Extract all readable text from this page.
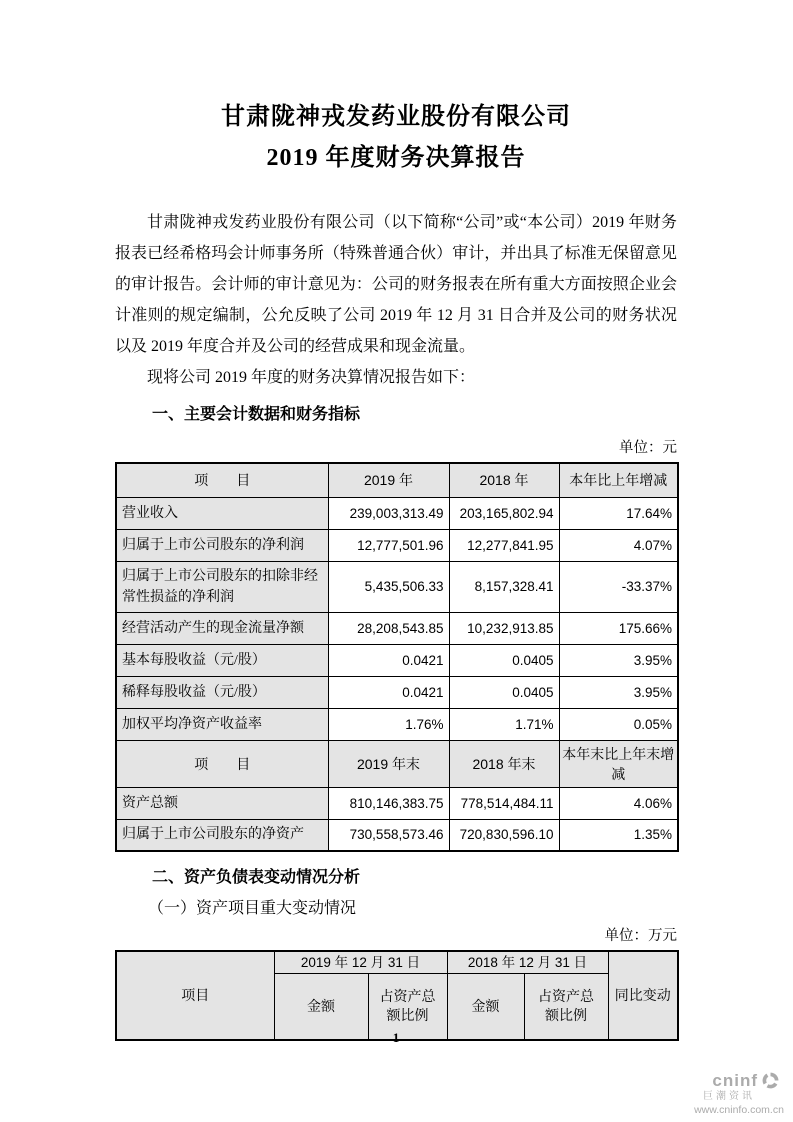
甘肃陇神戎发药业股份有限公司
2019 年度财务决算报告

甘肃陇神戎发药业股份有限公司（以下简称“公司”或“本公司）2019 年财务报表已经希格玛会计师事务所（特殊普通合伙）审计，并出具了标准无保留意见的审计报告。会计师的审计意见为：公司的财务报表在所有重大方面按照企业会计准则的规定编制，公允反映了公司 2019 年 12 月 31 日合并及公司的财务状况以及 2019 年度合并及公司的经营成果和现金流量。

现将公司 2019 年度的财务决算情况报告如下：

一、主要会计数据和财务指标
单位：元
项　　目	2019 年	2018 年	本年比上年增减
营业收入	239,003,313.49	203,165,802.94	17.64%
归属于上市公司股东的净利润	12,777,501.96	12,277,841.95	4.07%
归属于上市公司股东的扣除非经常性损益的净利润	5,435,506.33	8,157,328.41	-33.37%
经营活动产生的现金流量净额	28,208,543.85	10,232,913.85	175.66%
基本每股收益（元/股）	0.0421	0.0405	3.95%
稀释每股收益（元/股）	0.0421	0.0405	3.95%
加权平均净资产收益率	1.76%	1.71%	0.05%
项　　目	2019 年末	2018 年末	本年末比上年末增减
资产总额	810,146,383.75	778,514,484.11	4.06%
归属于上市公司股东的净资产	730,558,573.46	720,830,596.10	1.35%
二、资产负债表变动情况分析
（一）资产项目重大变动情况
单位：万元
项目	2019 年 12 月 31 日		2018 年 12 月 31 日		同比变动
	金额	占资产总额比例	金额	占资产总额比例	
1
cninf
巨潮资讯
www.cninfo.com.cn
